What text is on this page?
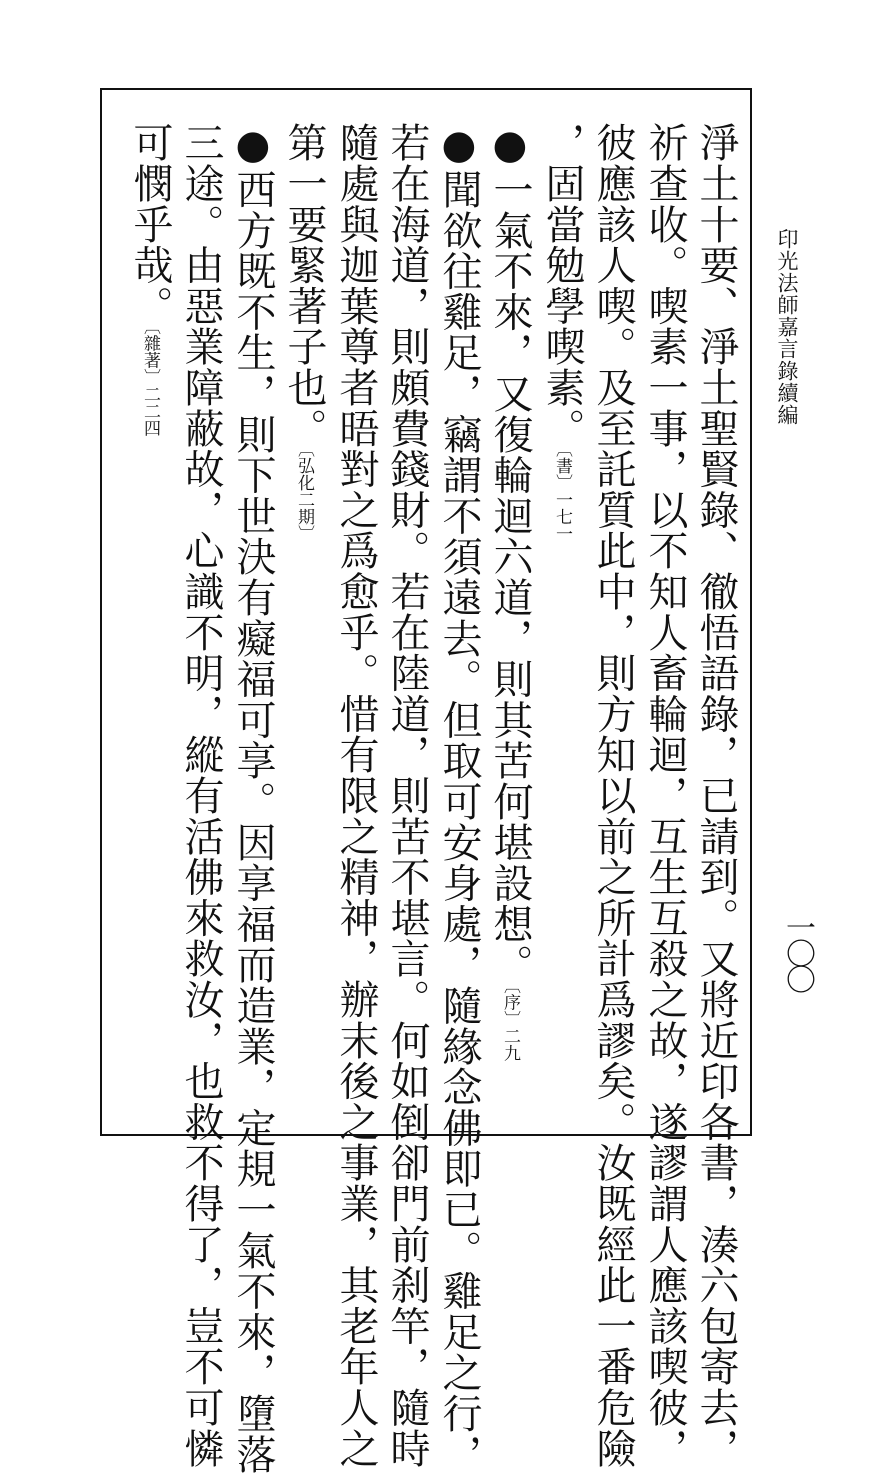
印光法師嘉言錄續編
一〇〇
淨土十要、淨土聖賢錄、徹悟語錄，已請到。又將近印各書，湊六包寄去，
祈查收。喫素一事，以不知人畜輪迴，互生互殺之故，遂謬謂人應該喫彼，
彼應該人喫。及至託質此中，則方知以前之所計爲謬矣。汝既經此一番危險
，固當勉學喫素。〔書〕一七一
●一氣不來，又復輪迴六道，則其苦何堪設想。〔序〕二九
●聞欲往雞足，竊謂不須遠去。但取可安身處，隨緣念佛即已。雞足之行，
若在海道，則頗費錢財。若在陸道，則苦不堪言。何如倒卻門前刹竿，隨時
隨處與迦葉尊者晤對之爲愈乎。惜有限之精神，辦末後之事業，其老年人之
第一要緊著子也。〔弘化二期〕
●西方既不生，則下世決有癡福可享。因享福而造業，定規一氣不來，墮落
三途。由惡業障蔽故，心識不明，縱有活佛來救汝，也救不得了，豈不可憐
可憫乎哉。〔雜著〕二二四
